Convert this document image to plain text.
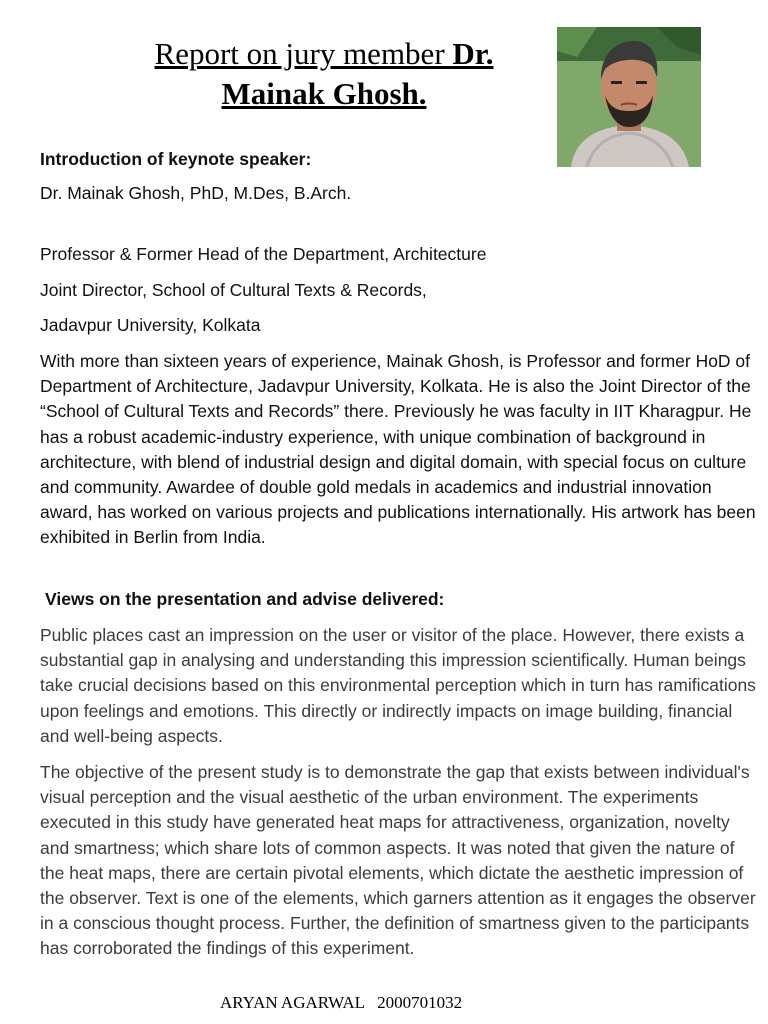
Report on jury member Dr.
Mainak Ghosh.
Introduction of keynote speaker:
Dr. Mainak Ghosh, PhD, M.Des, B.Arch.
Professor & Former Head of the Department, Architecture
Joint Director, School of Cultural Texts & Records,
Jadavpur University, Kolkata

With more than sixteen years of experience, Mainak Ghosh, is Professor and former HoD of Department of Architecture, Jadavpur University, Kolkata. He is also the Joint Director of the “School of Cultural Texts and Records” there. Previously he was faculty in IIT Kharagpur. He has a robust academic-industry experience, with unique combination of background in architecture, with blend of industrial design and digital domain, with special focus on culture and community. Awardee of double gold medals in academics and industrial innovation award, has worked on various projects and publications internationally. His artwork has been exhibited in Berlin from India.

Views on the presentation and advise delivered:

Public places cast an impression on the user or visitor of the place. However, there exists a substantial gap in analysing and understanding this impression scientifically. Human beings take crucial decisions based on this environmental perception which in turn has ramifications upon feelings and emotions. This directly or indirectly impacts on image building, financial and well-being aspects.

The objective of the present study is to demonstrate the gap that exists between individual's visual perception and the visual aesthetic of the urban environment. The experiments executed in this study have generated heat maps for attractiveness, organization, novelty and smartness; which share lots of common aspects. It was noted that given the nature of the heat maps, there are certain pivotal elements, which dictate the aesthetic impression of the observer. Text is one of the elements, which garners attention as it engages the observer in a conscious thought process. Further, the definition of smartness given to the participants has corroborated the findings of this experiment.

ARYAN AGARWAL 2000701032
